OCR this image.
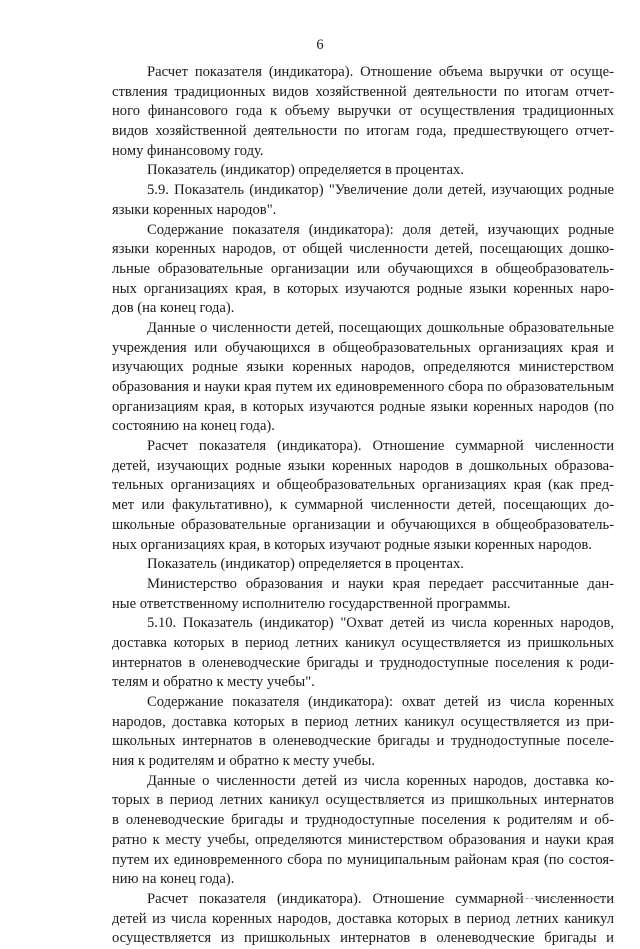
6
Расчет показателя (индикатора). Отношение объема выручки от осуще-
ствления традиционных видов хозяйственной деятельности по итогам отчет-
ного финансового года к объему выручки от осуществления традиционных
видов хозяйственной деятельности по итогам года, предшествующего отчет-
ному финансовому году.
Показатель (индикатор) определяется в процентах.
5.9. Показатель (индикатор) "Увеличение доли детей, изучающих родные
языки коренных народов".
Содержание показателя (индикатора): доля детей, изучающих родные
языки коренных народов, от общей численности детей, посещающих дошко-
льные образовательные организации или обучающихся в общеобразователь-
ных организациях края, в которых изучаются родные языки коренных наро-
дов (на конец года).
Данные о численности детей, посещающих дошкольные образовательные
учреждения или обучающихся в общеобразовательных организациях края и
изучающих родные языки коренных народов, определяются министерством
образования и науки края путем их единовременного сбора по образовательным
организациям края, в которых изучаются родные языки коренных народов (по
состоянию на конец года).
Расчет показателя (индикатора). Отношение суммарной численности
детей, изучающих родные языки коренных народов в дошкольных образова-
тельных организациях и общеобразовательных организациях края (как пред-
мет или факультативно), к суммарной численности детей, посещающих до-
школьные образовательные организации и обучающихся в общеобразователь-
ных организациях края, в которых изучают родные языки коренных народов.
Показатель (индикатор) определяется в процентах.
Министерство образования и науки края передает рассчитанные дан-
ные ответственному исполнителю государственной программы.
5.10. Показатель (индикатор) "Охват детей из числа коренных народов,
доставка которых в период летних каникул осуществляется из пришкольных
интернатов в оленеводческие бригады и труднодоступные поселения к роди-
телям и обратно к месту учебы".
Содержание показателя (индикатора): охват детей из числа коренных
народов, доставка которых в период летних каникул осуществляется из при-
школьных интернатов в оленеводческие бригады и труднодоступные поселе-
ния к родителям и обратно к месту учебы.
Данные о численности детей из числа коренных народов, доставка ко-
торых в период летних каникул осуществляется из пришкольных интернатов
в оленеводческие бригады и труднодоступные поселения к родителям и об-
ратно к месту учебы, определяются министерством образования и науки края
путем их единовременного сбора по муниципальным районам края (по состоя-
нию на конец года).
Расчет показателя (индикатора). Отношение суммарной численности
детей из числа коренных народов, доставка которых в период летних каникул
осуществляется из пришкольных интернатов в оленеводческие бригады и
